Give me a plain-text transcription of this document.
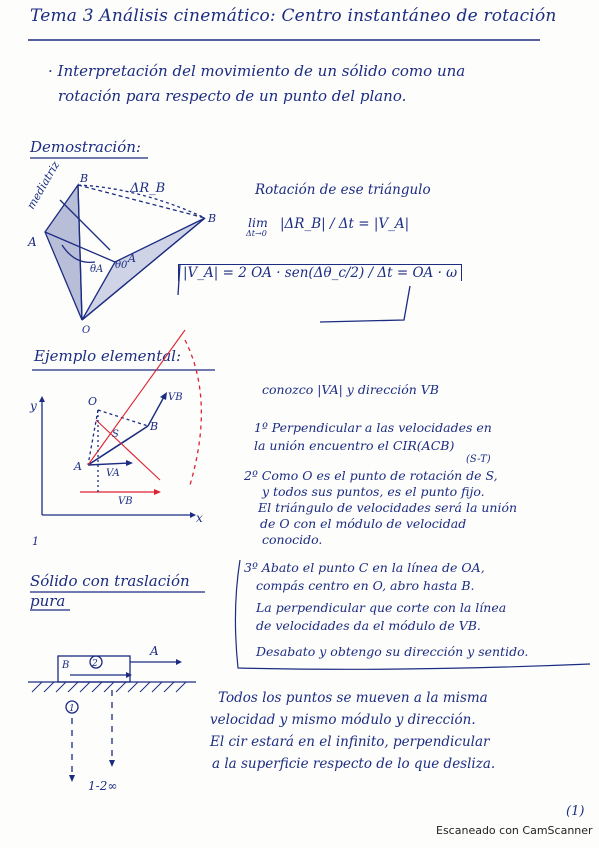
Tema 3 Análisis cinemático: Centro instantáneo de rotación
· Interpretación del movimiento de un sólido como una
rotación para respecto de un punto del plano.
Demostración:
Rotación de ese triángulo
lim
Δt→0
|ΔR_B| / Δt = |V_A|
|V_A| = 2 OA · sen(Δθ_c/2) / Δt = OA · ω
Ejemplo elemental:
conozco |VA| y dirección VB
1º Perpendicular a las velocidades en
la unión encuentro el CIR(ACB)
(S-T)
2º Como O es el punto de rotación de S,
y todos sus puntos, es el punto fijo.
El triángulo de velocidades será la unión
de O con el módulo de velocidad
conocido.
3º Abato el punto C en la línea de OA,
compás centro en O, abro hasta B.
La perpendicular que corte con la línea
de velocidades da el módulo de VB.
Desabato y obtengo su dirección y sentido.
Sólido con traslación
pura
Todos los puntos se mueven a la misma
velocidad y mismo módulo y dirección.
El cir estará en el infinito, perpendicular
a la superficie respecto de lo que desliza.
mediatriz B
ΔR_B
B
A
A
θA θ0
O
y	O	VB
B
S
A
VA
VB
x
1
B	2
A
1
1-2∞
(1)
Escaneado con CamScanner
